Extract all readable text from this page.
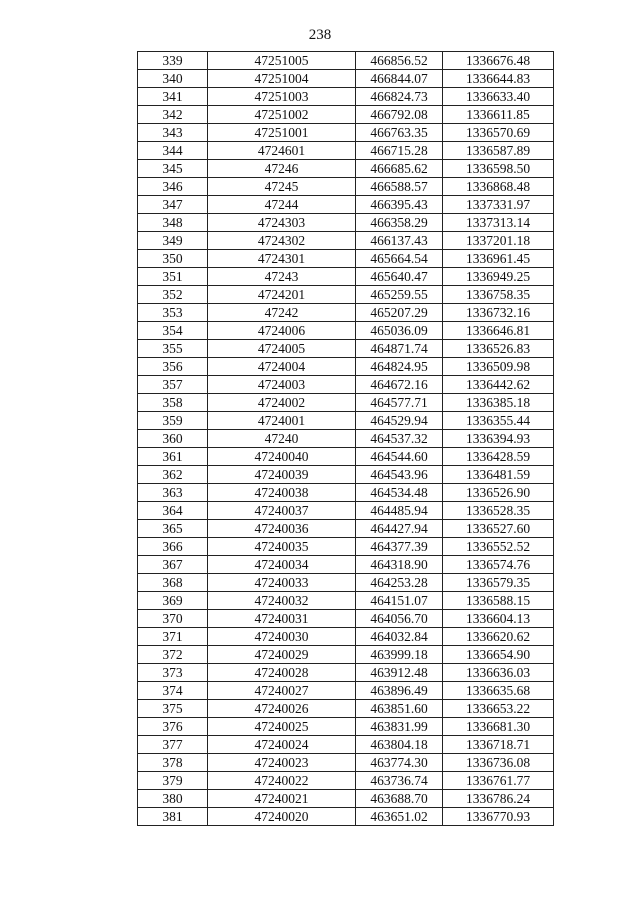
238
339	47251005	466856.52	1336676.48
340	47251004	466844.07	1336644.83
341	47251003	466824.73	1336633.40
342	47251002	466792.08	1336611.85
343	47251001	466763.35	1336570.69
344	4724601	466715.28	1336587.89
345	47246	466685.62	1336598.50
346	47245	466588.57	1336868.48
347	47244	466395.43	1337331.97
348	4724303	466358.29	1337313.14
349	4724302	466137.43	1337201.18
350	4724301	465664.54	1336961.45
351	47243	465640.47	1336949.25
352	4724201	465259.55	1336758.35
353	47242	465207.29	1336732.16
354	4724006	465036.09	1336646.81
355	4724005	464871.74	1336526.83
356	4724004	464824.95	1336509.98
357	4724003	464672.16	1336442.62
358	4724002	464577.71	1336385.18
359	4724001	464529.94	1336355.44
360	47240	464537.32	1336394.93
361	47240040	464544.60	1336428.59
362	47240039	464543.96	1336481.59
363	47240038	464534.48	1336526.90
364	47240037	464485.94	1336528.35
365	47240036	464427.94	1336527.60
366	47240035	464377.39	1336552.52
367	47240034	464318.90	1336574.76
368	47240033	464253.28	1336579.35
369	47240032	464151.07	1336588.15
370	47240031	464056.70	1336604.13
371	47240030	464032.84	1336620.62
372	47240029	463999.18	1336654.90
373	47240028	463912.48	1336636.03
374	47240027	463896.49	1336635.68
375	47240026	463851.60	1336653.22
376	47240025	463831.99	1336681.30
377	47240024	463804.18	1336718.71
378	47240023	463774.30	1336736.08
379	47240022	463736.74	1336761.77
380	47240021	463688.70	1336786.24
381	47240020	463651.02	1336770.93
